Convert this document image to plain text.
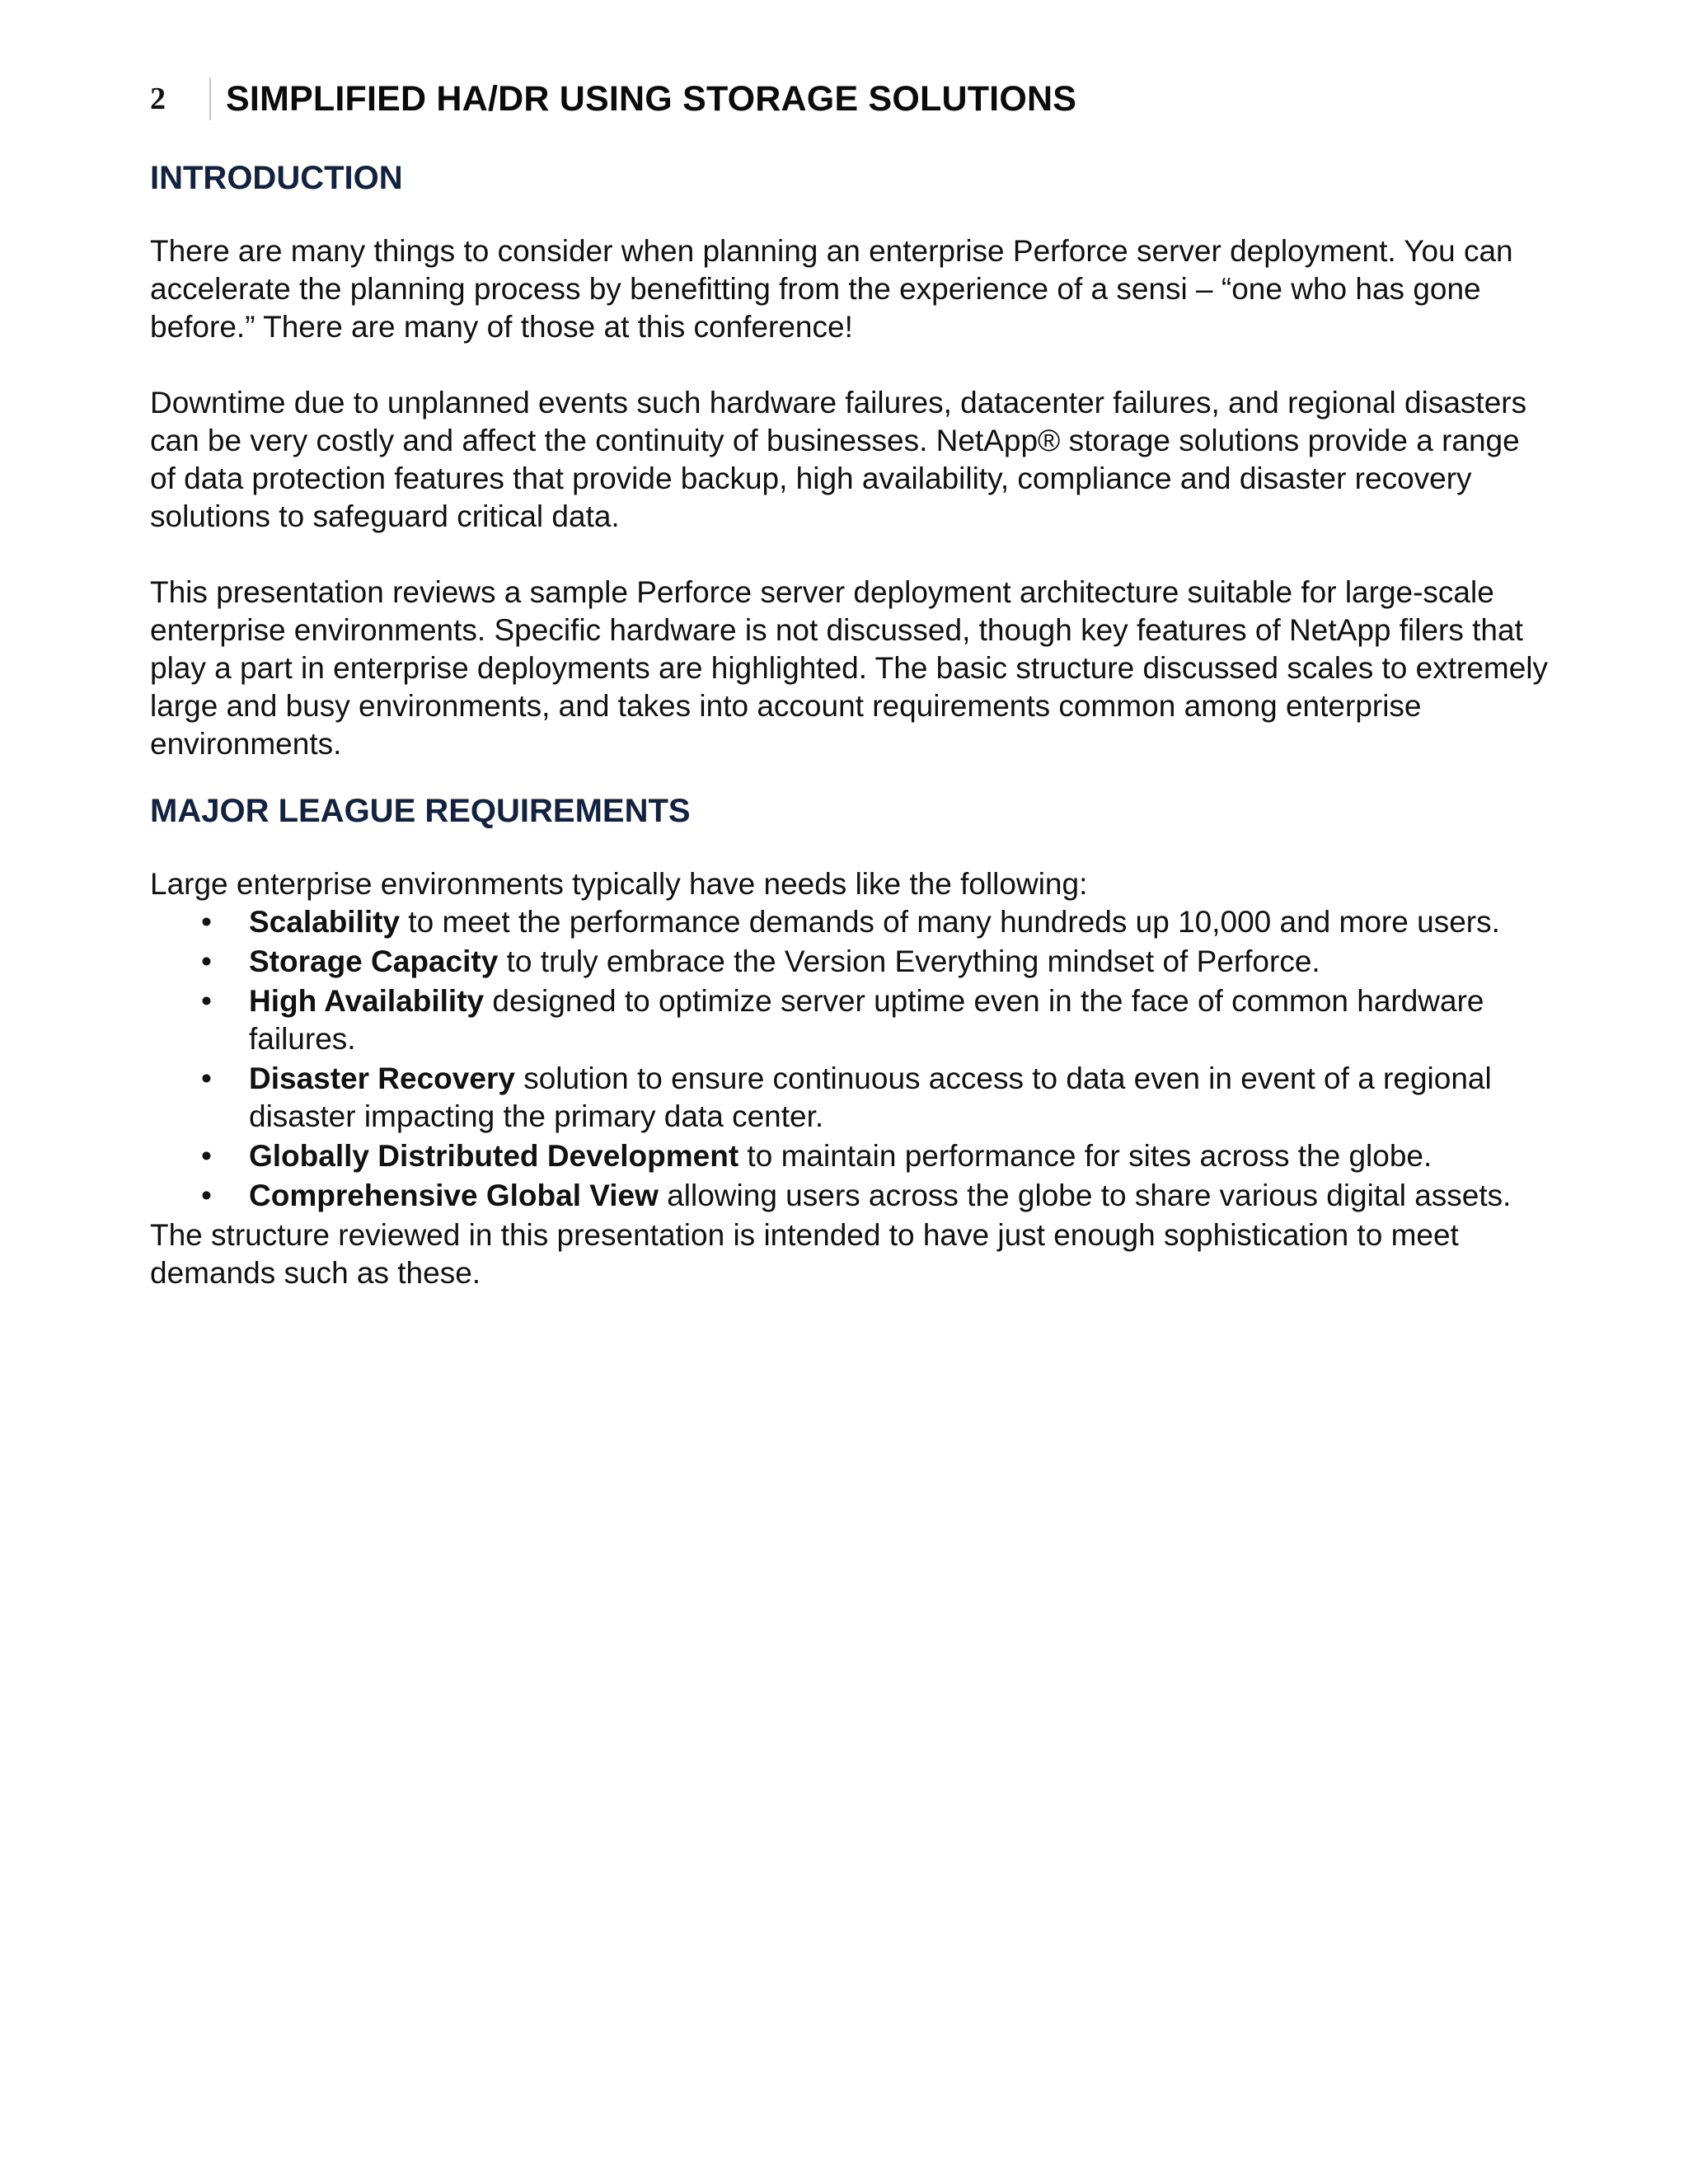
2	SIMPLIFIED HA/DR USING STORAGE SOLUTIONS
INTRODUCTION

There are many things to consider when planning an enterprise Perforce server deployment. You can accelerate the planning process by benefitting from the experience of a sensi – “one who has gone before.” There are many of those at this conference!

Downtime due to unplanned events such hardware failures, datacenter failures, and regional disasters can be very costly and affect the continuity of businesses. NetApp® storage solutions provide a range of data protection features that provide backup, high availability, compliance and disaster recovery solutions to safeguard critical data.

This presentation reviews a sample Perforce server deployment architecture suitable for large-scale enterprise environments. Specific hardware is not discussed, though key features of NetApp filers that play a part in enterprise deployments are highlighted. The basic structure discussed scales to extremely large and busy environments, and takes into account requirements common among enterprise environments.

MAJOR LEAGUE REQUIREMENTS

Large enterprise environments typically have needs like the following:

• Scalability to meet the performance demands of many hundreds up 10,000 and more users.
• Storage Capacity to truly embrace the Version Everything mindset of Perforce.
• High Availability designed to optimize server uptime even in the face of common hardware failures.
• Disaster Recovery solution to ensure continuous access to data even in event of a regional disaster impacting the primary data center.
• Globally Distributed Development to maintain performance for sites across the globe.
• Comprehensive Global View allowing users across the globe to share various digital assets.

The structure reviewed in this presentation is intended to have just enough sophistication to meet demands such as these.
